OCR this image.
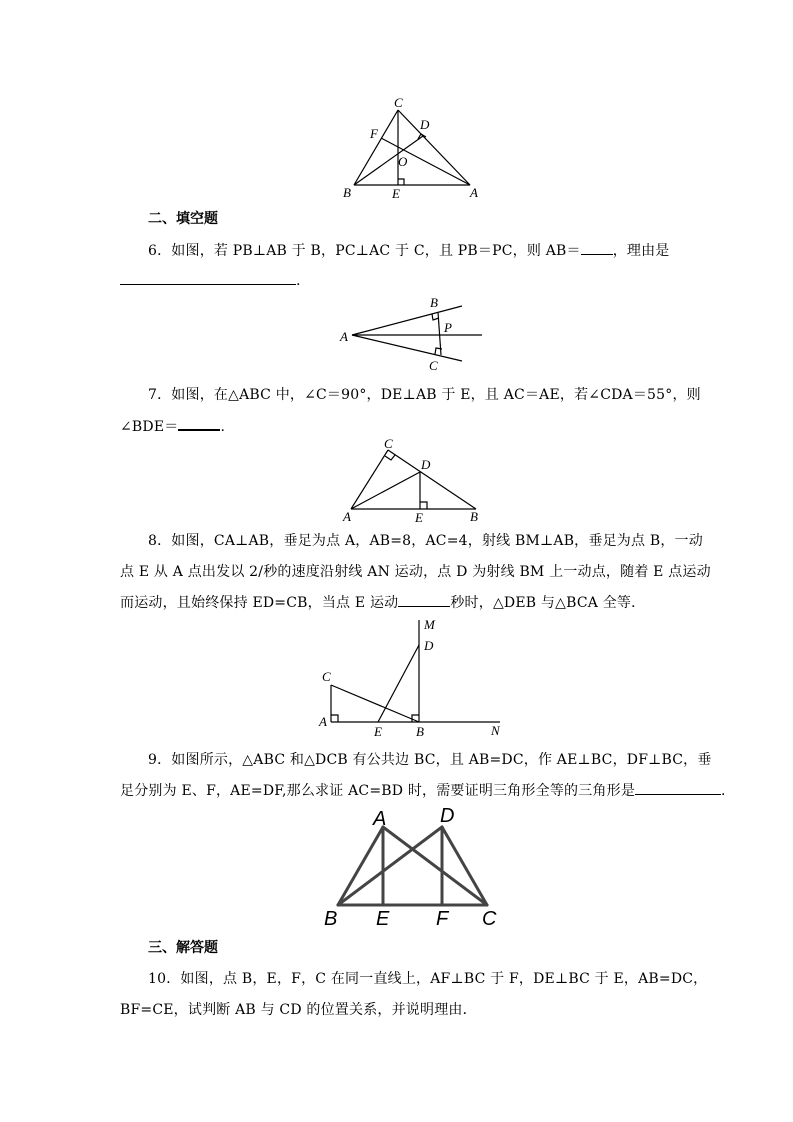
C
F
D
O
B	E	A
二、填空题
6．如图，若 PB⊥AB 于 B，PC⊥AC 于 C，且 PB＝PC，则 AB＝ ，理由是
.
B
P
A
C
7．如图，在△ABC 中，∠C＝90°，DE⊥AB 于 E，且 AC＝AE，若∠CDA＝55°，则
∠BDE＝	.
C
D
A	E	B
8．如图，CA⊥AB，垂足为点 A，AB=8，AC=4，射线 BM⊥AB，垂足为点 B，一动
点 E 从 A 点出发以 2/秒的速度沿射线 AN 运动，点 D 为射线 BM 上一动点，随着 E 点运动
而运动，且始终保持 ED=CB，当点 E 运动	秒时，△DEB 与△BCA 全等．
M
D
C
A
E	B	N
9．如图所示，△ABC 和△DCB 有公共边 BC，且 AB=DC，作 AE⊥BC，DF⊥BC，垂
足分别为 E、F，AE=DF,那么求证 AC=BD 时，需要证明三角形全等的三角形是	.
A	D
B E F C
三、解答题
10．如图，点 B，E，F，C 在同一直线上，AF⊥BC 于 F，DE⊥BC 于 E，AB=DC，
BF=CE，试判断 AB 与 CD 的位置关系，并说明理由．
